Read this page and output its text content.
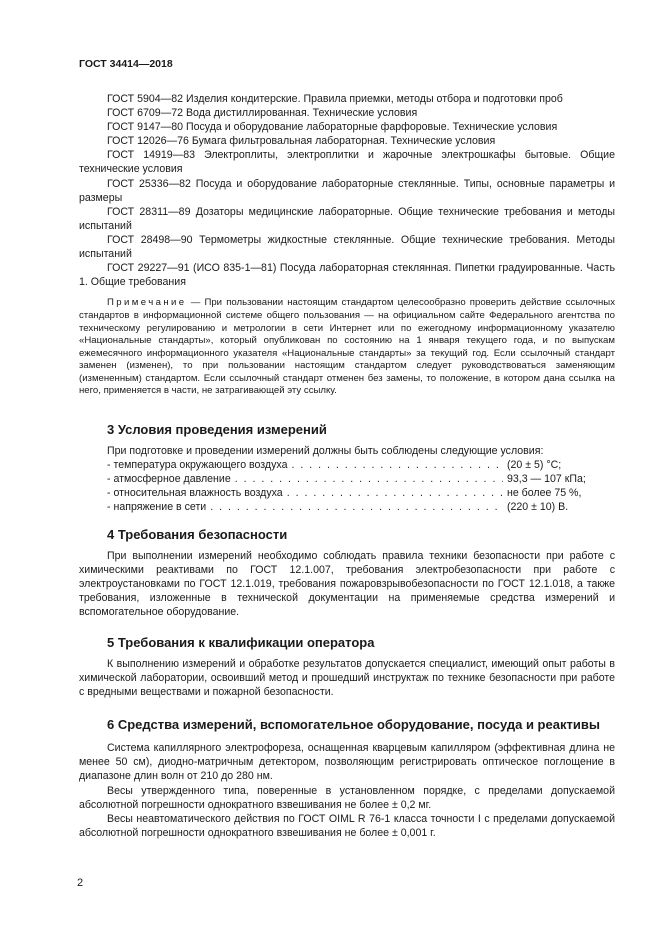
ГОСТ 34414—2018
ГОСТ 5904—82 Изделия кондитерские. Правила приемки, методы отбора и подготовки проб
ГОСТ 6709—72 Вода дистиллированная. Технические условия
ГОСТ 9147—80 Посуда и оборудование лабораторные фарфоровые. Технические условия
ГОСТ 12026—76 Бумага фильтровальная лабораторная. Технические условия
ГОСТ 14919—83 Электроплиты, электроплитки и жарочные электрошкафы бытовые. Общие технические условия
ГОСТ 25336—82 Посуда и оборудование лабораторные стеклянные. Типы, основные параметры и размеры
ГОСТ 28311—89 Дозаторы медицинские лабораторные. Общие технические требования и методы испытаний
ГОСТ 28498—90 Термометры жидкостные стеклянные. Общие технические требования. Методы испытаний
ГОСТ 29227—91 (ИСО 835-1—81) Посуда лабораторная стеклянная. Пипетки градуированные. Часть 1. Общие требования

Примечание — При пользовании настоящим стандартом целесообразно проверить действие ссылочных стандартов в информационной системе общего пользования — на официальном сайте Федерального агентства по техническому регулированию и метрологии в сети Интернет или по ежегодному информационному указателю «Национальные стандарты», который опубликован по состоянию на 1 января текущего года, и по выпускам ежемесячного информационного указателя «Национальные стандарты» за текущий год. Если ссылочный стандарт заменен (изменен), то при пользовании настоящим стандартом следует руководствоваться заменяющим (измененным) стандартом. Если ссылочный стандарт отменен без замены, то положение, в котором дана ссылка на него, применяется в части, не затрагивающей эту ссылку.

3 Условия проведения измерений

При подготовке и проведении измерений должны быть соблюдены следующие условия:

- температура окружающего воздуха . . .	(20 ± 5) °С;
- атмосферное давление . . .	93,3 — 107 кПа;
- относительная влажность воздуха . . .	не более 75 %,
- напряжение в сети . . .	(220 ± 10) В.
4 Требования безопасности

При выполнении измерений необходимо соблюдать правила техники безопасности при работе с химическими реактивами по ГОСТ 12.1.007, требования электробезопасности при работе с электроустановками по ГОСТ 12.1.019, требования пожаровзрывобезопасности по ГОСТ 12.1.018, а также требования, изложенные в технической документации на применяемые средства измерений и вспомогательное оборудование.

5 Требования к квалификации оператора

К выполнению измерений и обработке результатов допускается специалист, имеющий опыт работы в химической лаборатории, освоивший метод и прошедший инструктаж по технике безопасности при работе с вредными веществами и пожарной безопасности.

6 Средства измерений, вспомогательное оборудование, посуда и реактивы

Система капиллярного электрофореза, оснащенная кварцевым капилляром (эффективная длина не менее 50 см), диодно-матричным детектором, позволяющим регистрировать оптическое поглощение в диапазоне длин волн от 210 до 280 нм.

Весы утвержденного типа, поверенные в установленном порядке, с пределами допускаемой абсолютной погрешности однократного взвешивания не более ± 0,2 мг.

Весы неавтоматического действия по ГОСТ OIML R 76-1 класса точности I с пределами допускаемой абсолютной погрешности однократного взвешивания не более ± 0,001 г.

2
